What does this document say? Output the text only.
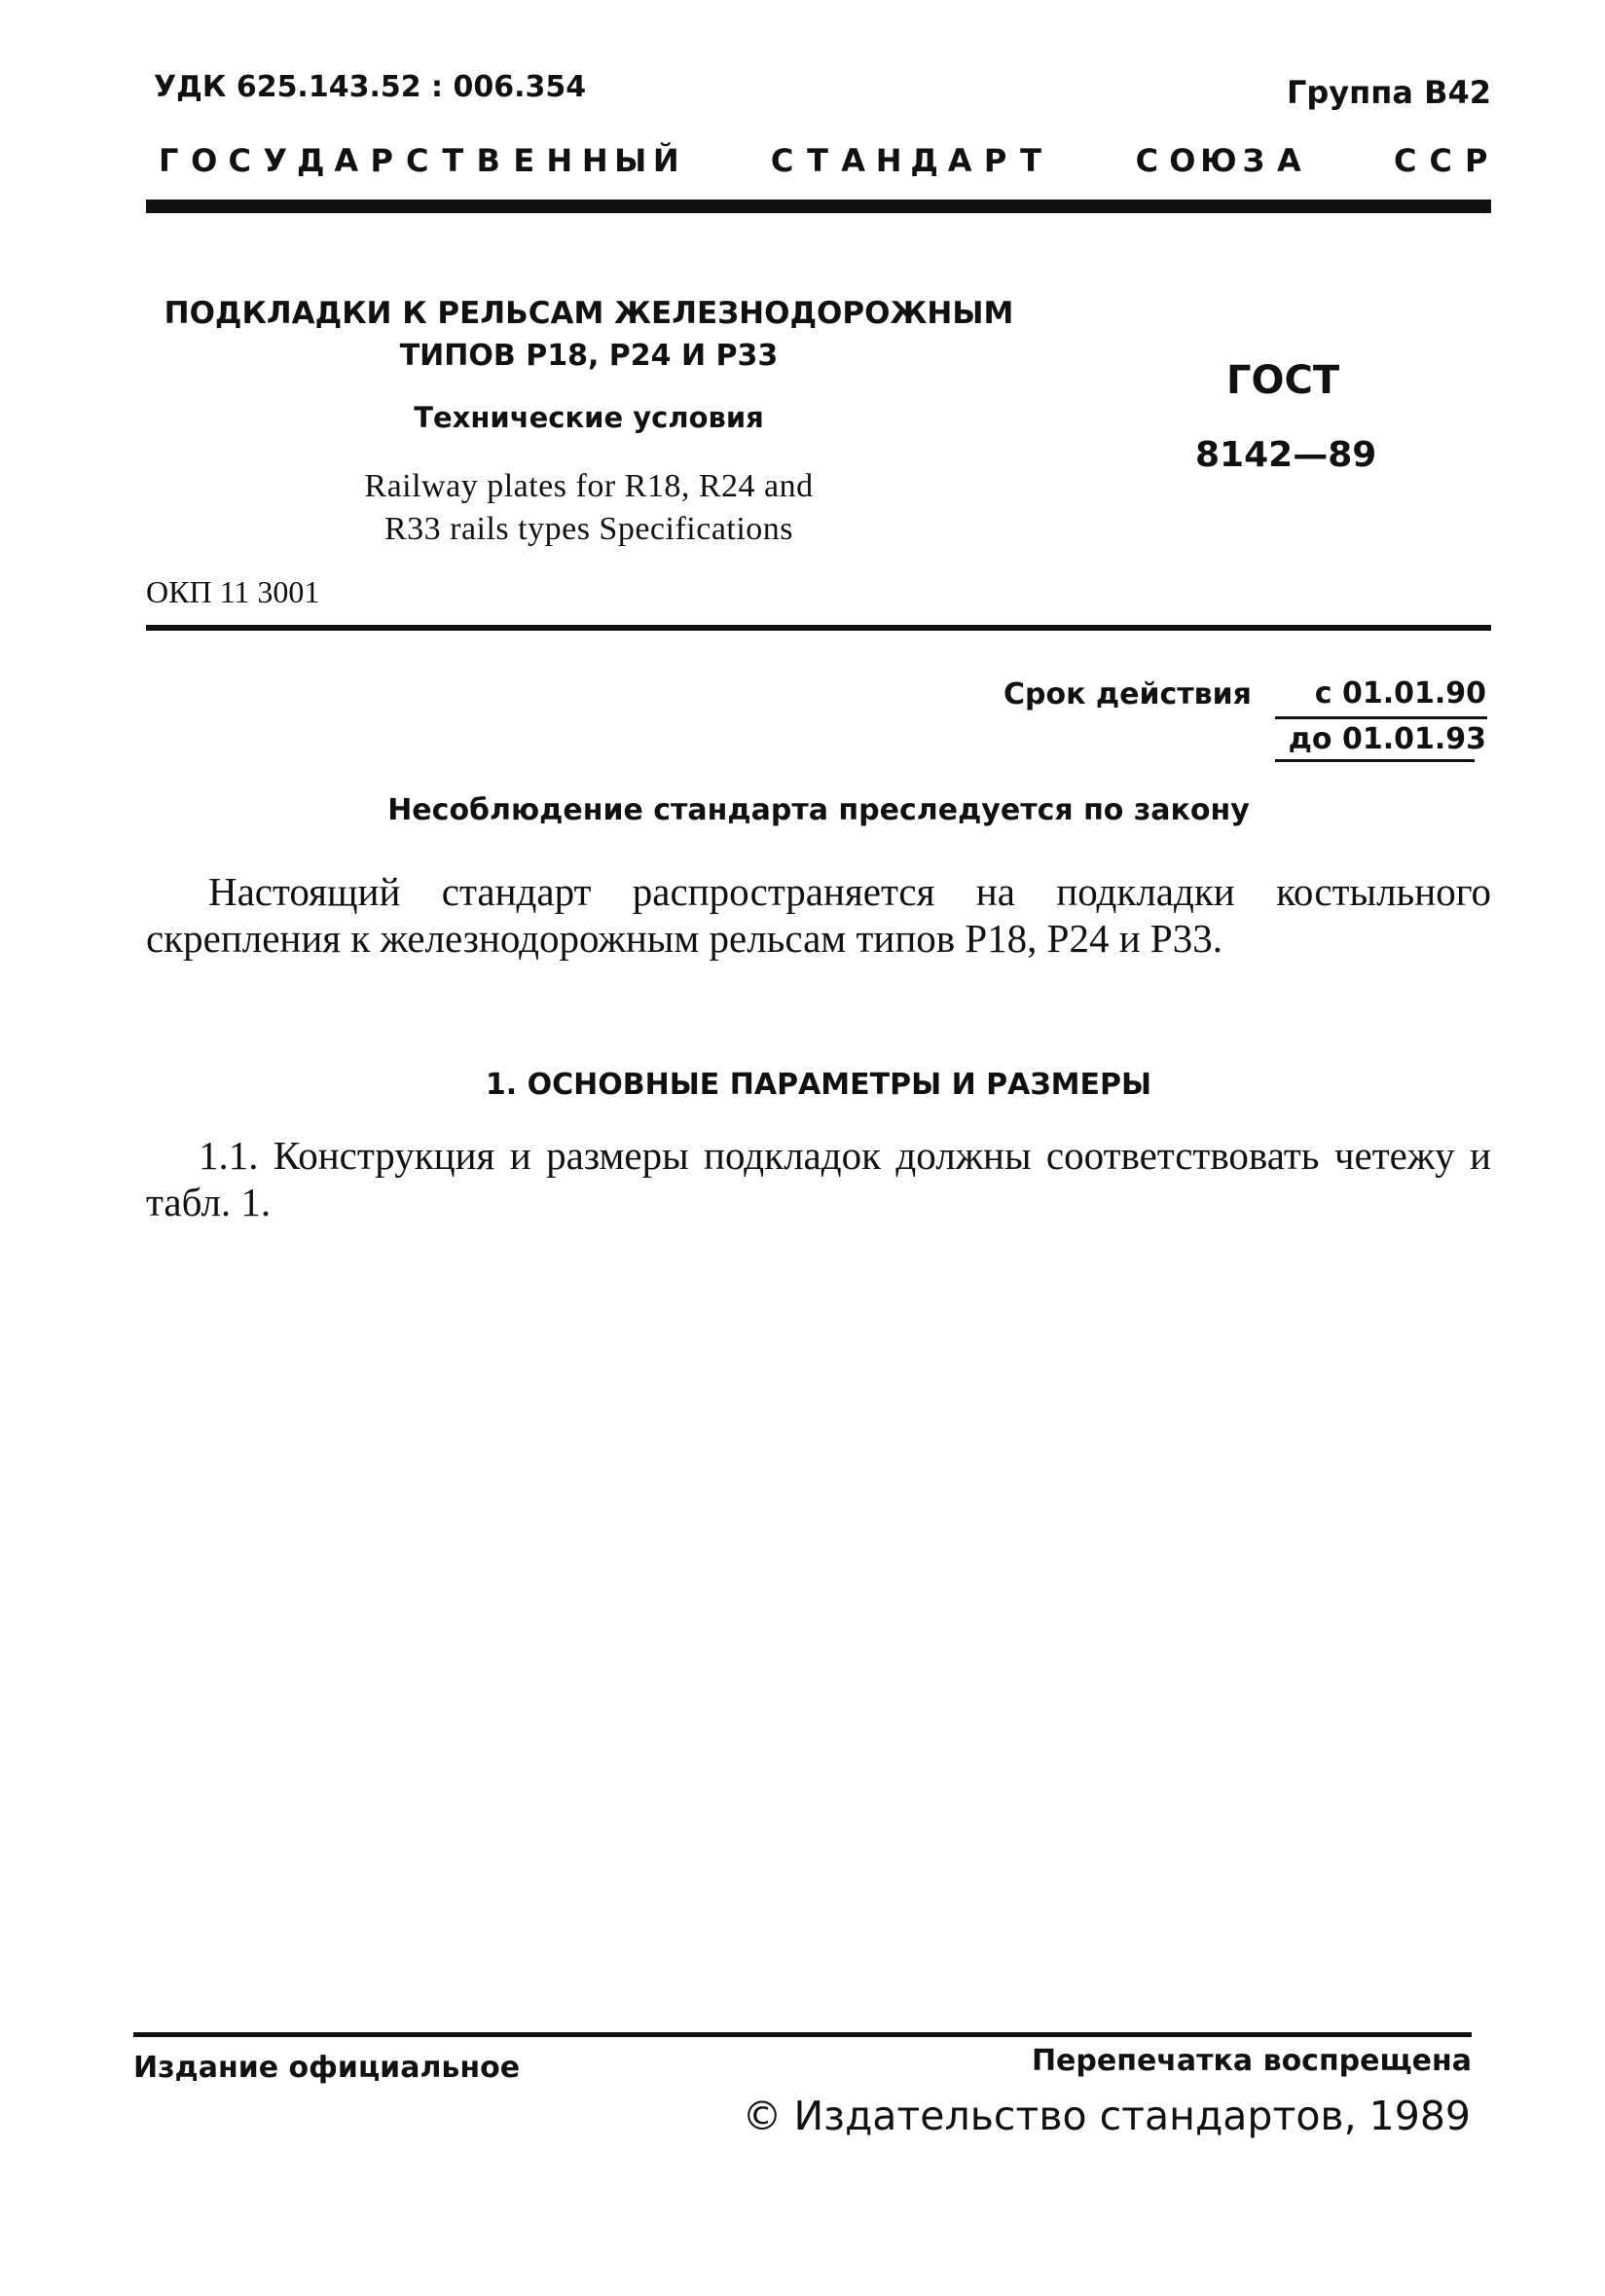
УДК 625.143.52 : 006.354	Группа В42
Г О С У Д А Р С Т В Е Н Н Ы Й	С Т А Н Д А Р Т	С О Ю З А	С С Р
ПОДКЛАДКИ К РЕЛЬСАМ ЖЕЛЕЗНОДОРОЖНЫМ
ТИПОВ Р18, Р24 И Р33
Технические условия
Railway plates for R18, R24 and
R33 rails types Specifications
ОКП 11 3001
ГОСТ
8142—89
Срок действия	с 01.01.90
до 01.01.93
Несоблюдение стандарта преследуется по закону
Настоящий стандарт распространяется на подкладки костыльного скрепления к железнодорожным рельсам типов Р18, Р24 и Р33.
1. ОСНОВНЫЕ ПАРАМЕТРЫ И РАЗМЕРЫ
1.1. Конструкция и размеры подкладок должны соответствовать четежу и табл. 1.
Издание официальное	Перепечатка воспрещена
© Издательство стандартов, 1989
